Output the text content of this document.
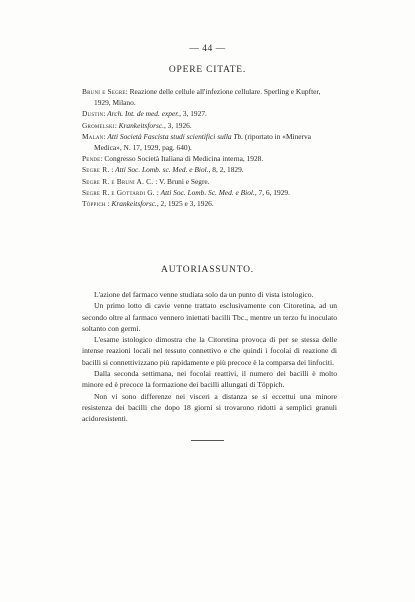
— 44 —
OPERE CITATE.

Bruni e Segre: Reazione delle cellule all'infezione cellulare. Sperling e Kupfter, 1929, Milano.

Dustin: Arch. Int. de med. exper., 3, 1927.

Gromelski: Krankeitsforsc., 3, 1926.

Malan: Atti Società Fascista studi scientifici sulla Tb. (riportato in «Minerva Medica», N. 17, 1929, pag. 640).

Pende: Congresso Società Italiana di Medicina interna, 1928.

Segre R. : Atti Soc. Lomb. sc. Med. e Biol., 8, 2, 1829.

Segre R. e Bruni A. C. : V. Bruni e Segre.

Segre R. e Gottardi G. : Atti Soc. Lomb. Sc. Med. e Biol., 7, 6, 1929.

Töppich : Krankeitsforsc., 2, 1925 e 3, 1926.

AUTORIASSUNTO.

L'azione del farmaco venne studiata solo da un punto di vista istologico.

Un primo lotto di cavie venne trattato esclusivamente con Citoretina, ad un secondo oltre al farmaco vennero iniettati bacilli Tbc., mentre un terzo fu inoculato soltanto con germi.

L'esame istologico dimostra che la Citoretina provoca di per se stessa delle intense reazioni locali nel tessuto connettivo e che quindi i focolai di reazione di bacilli si connettivizzano più rapidamente e più precoce è la comparsa dei linfociti.

Dalla seconda settimana, nei focolai reattivi, il numero dei bacilli è molto minore ed è precoce la formazione dei bacilli allungati di Töppich.

Non vi sono differenze nei visceri a distanza se si eccettui una minore resistenza dei bacilli che dopo 18 giorni si trovarono ridotti a semplici granuli acidoresistenti.
